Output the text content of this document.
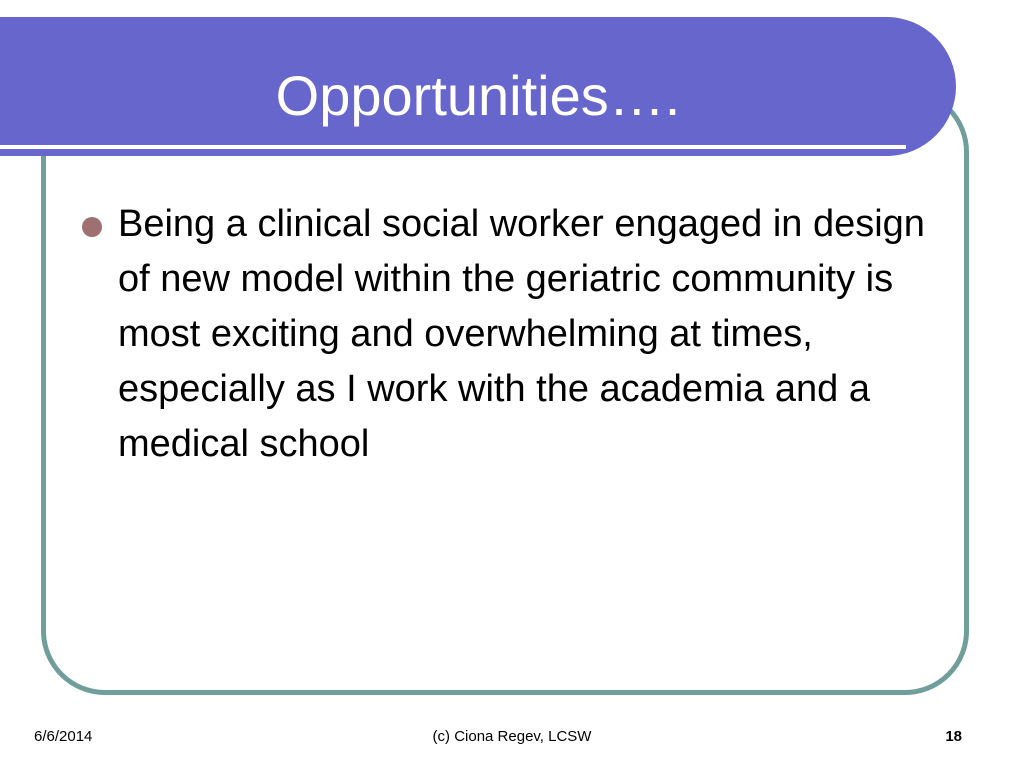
Opportunities….
Being a clinical social worker engaged in design of new model within the geriatric community is most exciting and overwhelming at times, especially as I work with the academia and a medical school
6/6/2014	(c) Ciona Regev, LCSW	18
